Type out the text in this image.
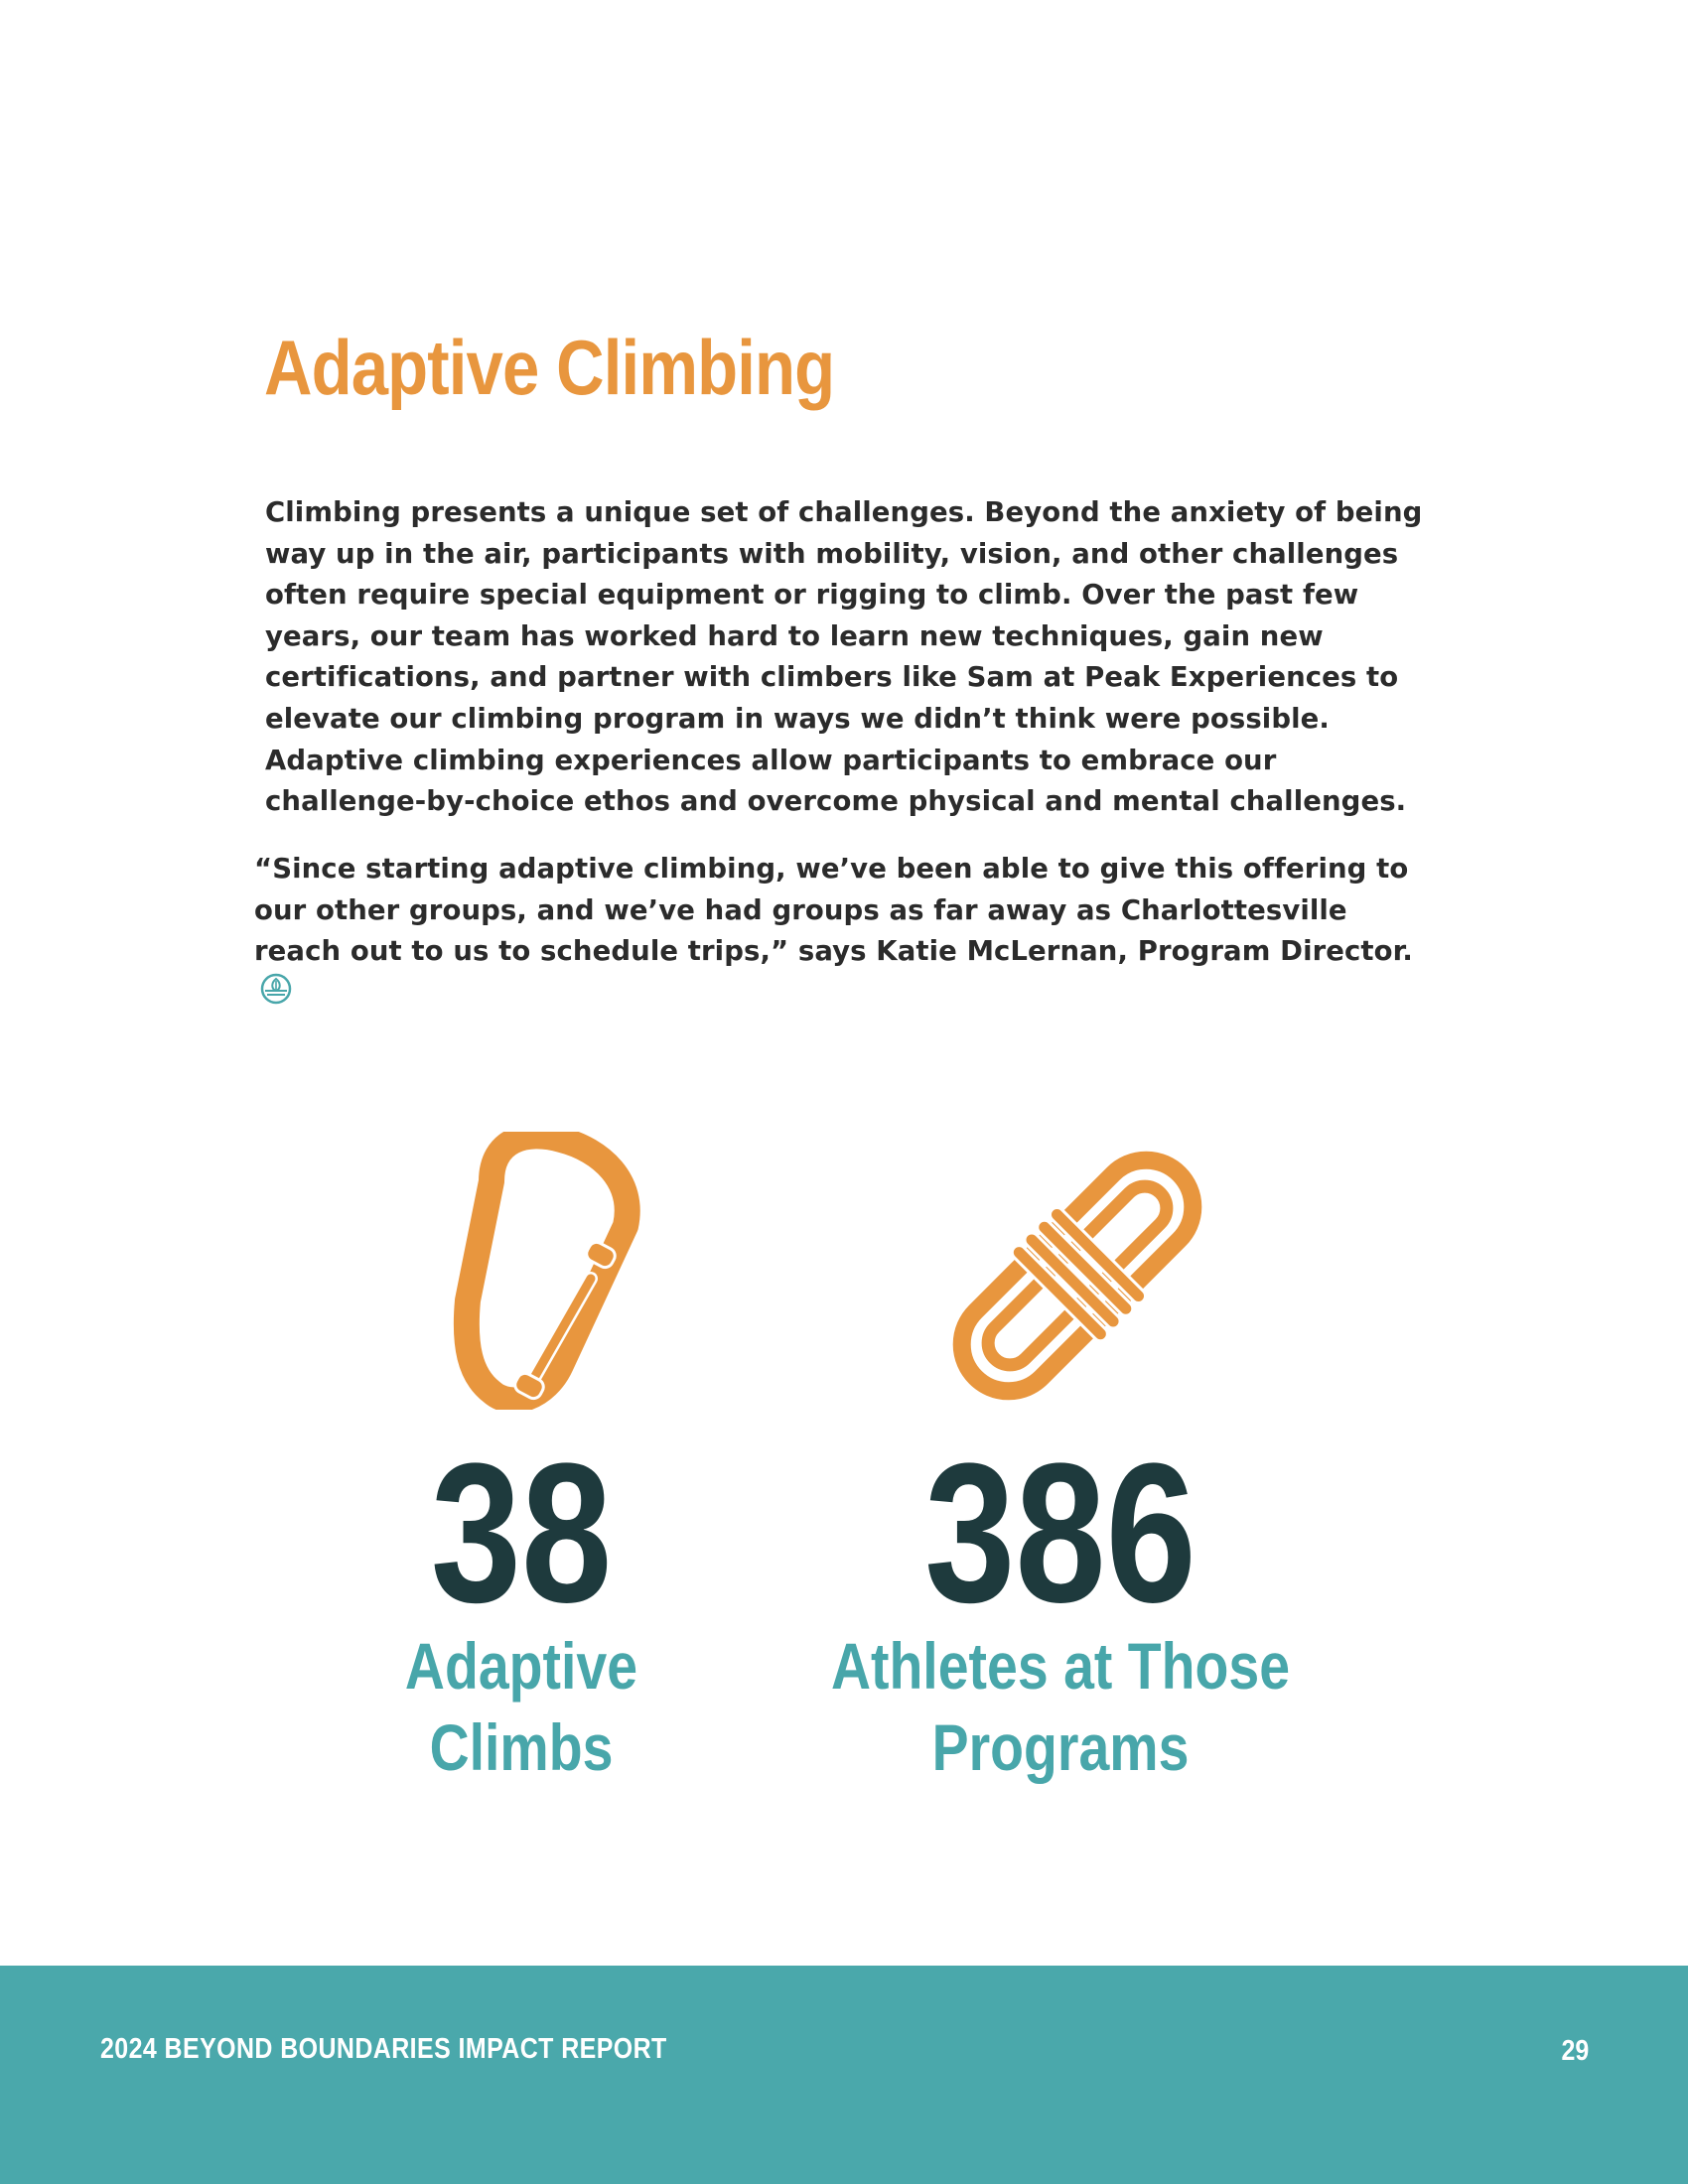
Adaptive Climbing

Climbing presents a unique set of challenges. Beyond the anxiety of being way up in the air, participants with mobility, vision, and other challenges often require special equipment or rigging to climb. Over the past few years, our team has worked hard to learn new techniques, gain new certifications, and partner with climbers like Sam at Peak Experiences to elevate our climbing program in ways we didn’t think were possible. Adaptive climbing experiences allow participants to embrace our challenge-by-choice ethos and overcome physical and mental challenges.

“Since starting adaptive climbing, we’ve been able to give this offering to our other groups, and we’ve had groups as far away as Charlottesville reach out to us to schedule trips,” says Katie McLernan, Program Director.

38
Adaptive
Climbs
386
Athletes at Those
Programs
2024 BEYOND BOUNDARIES IMPACT REPORT	29
